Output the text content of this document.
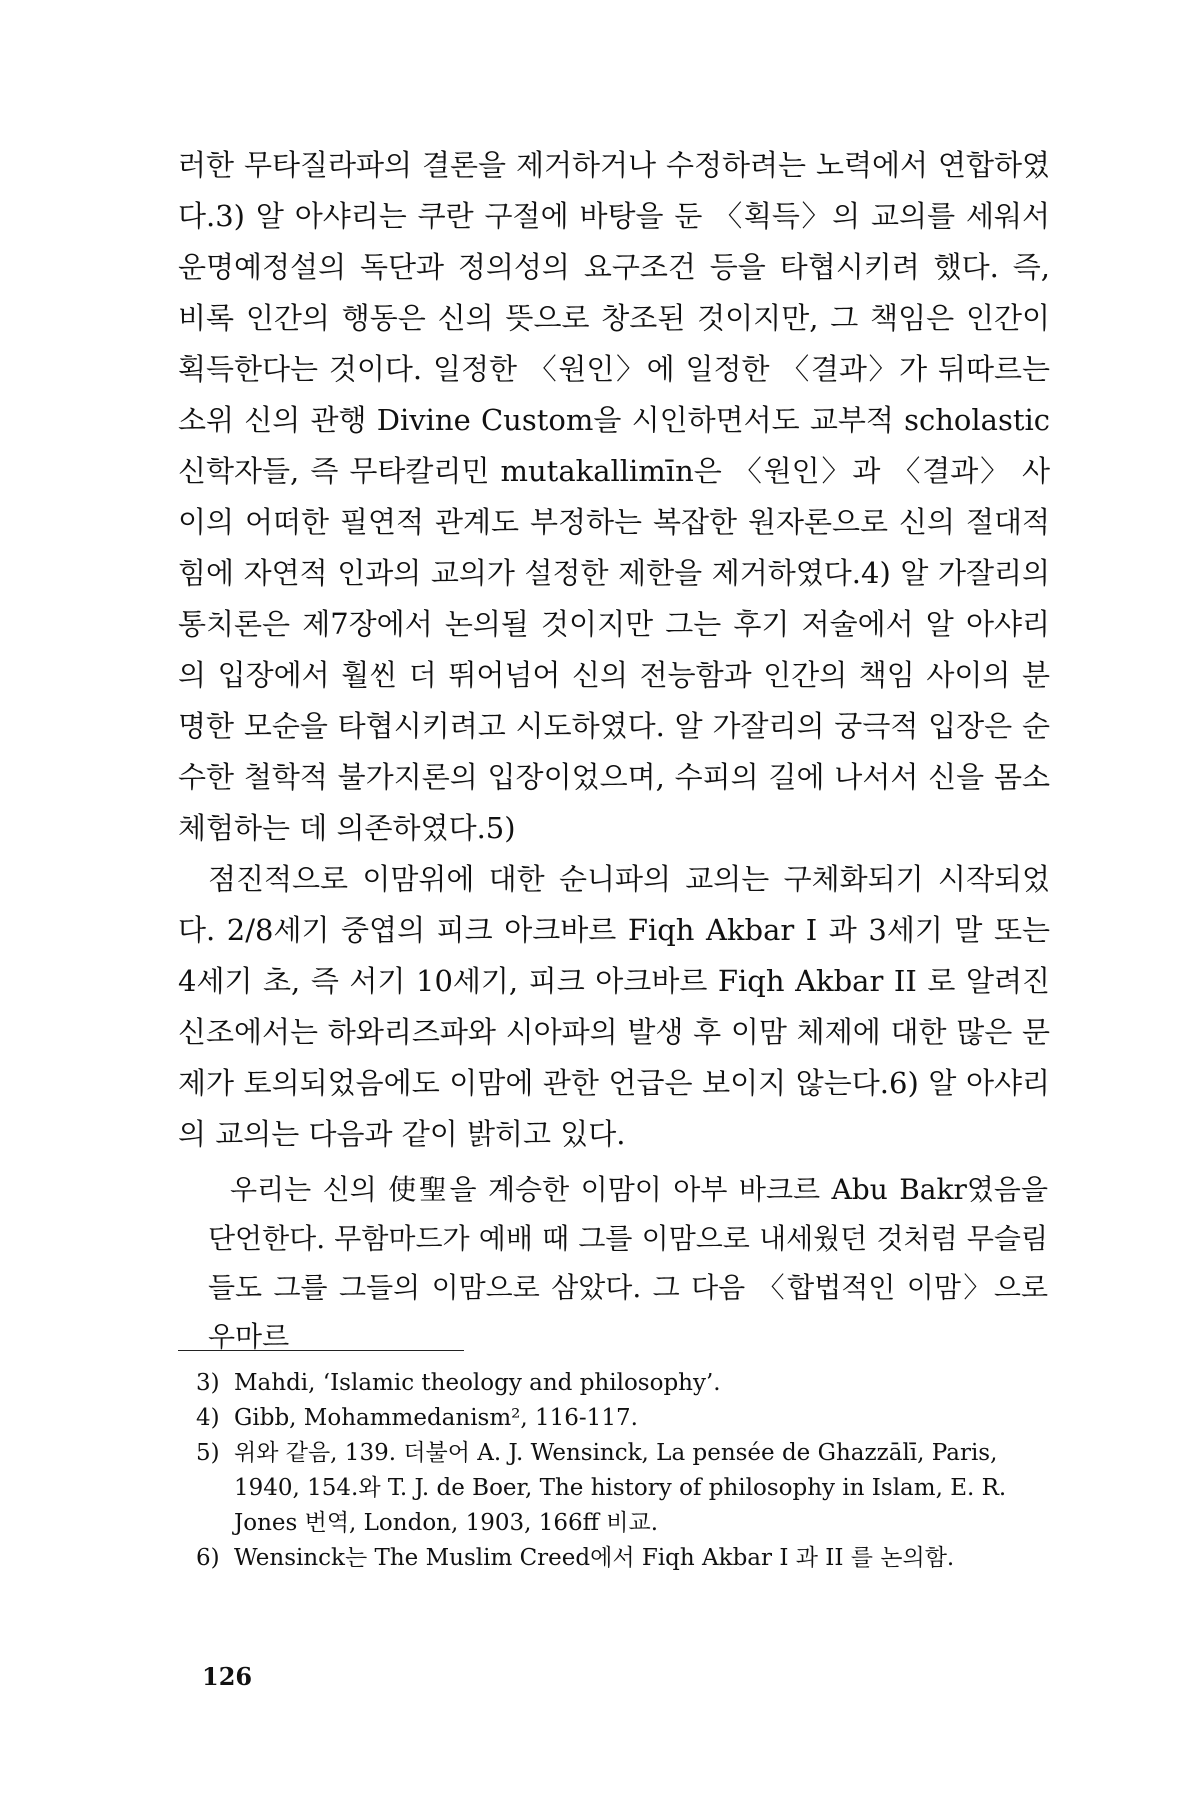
러한 무타질라파의 결론을 제거하거나 수정하려는 노력에서 연합하였다.3) 알 아샤리는 쿠란 구절에 바탕을 둔 〈획득〉의 교의를 세워서 운명예정설의 독단과 정의성의 요구조건 등을 타협시키려 했다. 즉, 비록 인간의 행동은 신의 뜻으로 창조된 것이지만, 그 책임은 인간이 획득한다는 것이다. 일정한 〈원인〉에 일정한 〈결과〉가 뒤따르는 소위 신의 관행 Divine Custom을 시인하면서도 교부적 scholastic 신학자들, 즉 무타칼리민 mutakallimīn은 〈원인〉과 〈결과〉 사이의 어떠한 필연적 관계도 부정하는 복잡한 원자론으로 신의 절대적 힘에 자연적 인과의 교의가 설정한 제한을 제거하였다.4) 알 가잘리의 통치론은 제7장에서 논의될 것이지만 그는 후기 저술에서 알 아샤리의 입장에서 훨씬 더 뛰어넘어 신의 전능함과 인간의 책임 사이의 분명한 모순을 타협시키려고 시도하였다. 알 가잘리의 궁극적 입장은 순수한 철학적 불가지론의 입장이었으며, 수피의 길에 나서서 신을 몸소 체험하는 데 의존하였다.5)

점진적으로 이맘위에 대한 순니파의 교의는 구체화되기 시작되었다. 2/8세기 중엽의 피크 아크바르 Fiqh Akbar I 과 3세기 말 또는 4세기 초, 즉 서기 10세기, 피크 아크바르 Fiqh Akbar II 로 알려진 신조에서는 하와리즈파와 시아파의 발생 후 이맘 체제에 대한 많은 문제가 토의되었음에도 이맘에 관한 언급은 보이지 않는다.6) 알 아샤리의 교의는 다음과 같이 밝히고 있다.

우리는 신의 使聖을 계승한 이맘이 아부 바크르 Abu Bakr였음을 단언한다. 무함마드가 예배 때 그를 이맘으로 내세웠던 것처럼 무슬림들도 그를 그들의 이맘으로 삼았다. 그 다음 〈합법적인 이맘〉으로 우마르

3) Mahdi, ‘Islamic theology and philosophy’.
4) Gibb, Mohammedanism², 116-117.
5) 위와 같음, 139. 더불어 A. J. Wensinck, La pensée de Ghazzālī, Paris, 1940, 154.와 T. J. de Boer, The history of philosophy in Islam, E. R. Jones 번역, London, 1903, 166ff 비교.
6) Wensinck는 The Muslim Creed에서 Fiqh Akbar I 과 II 를 논의함.
126
